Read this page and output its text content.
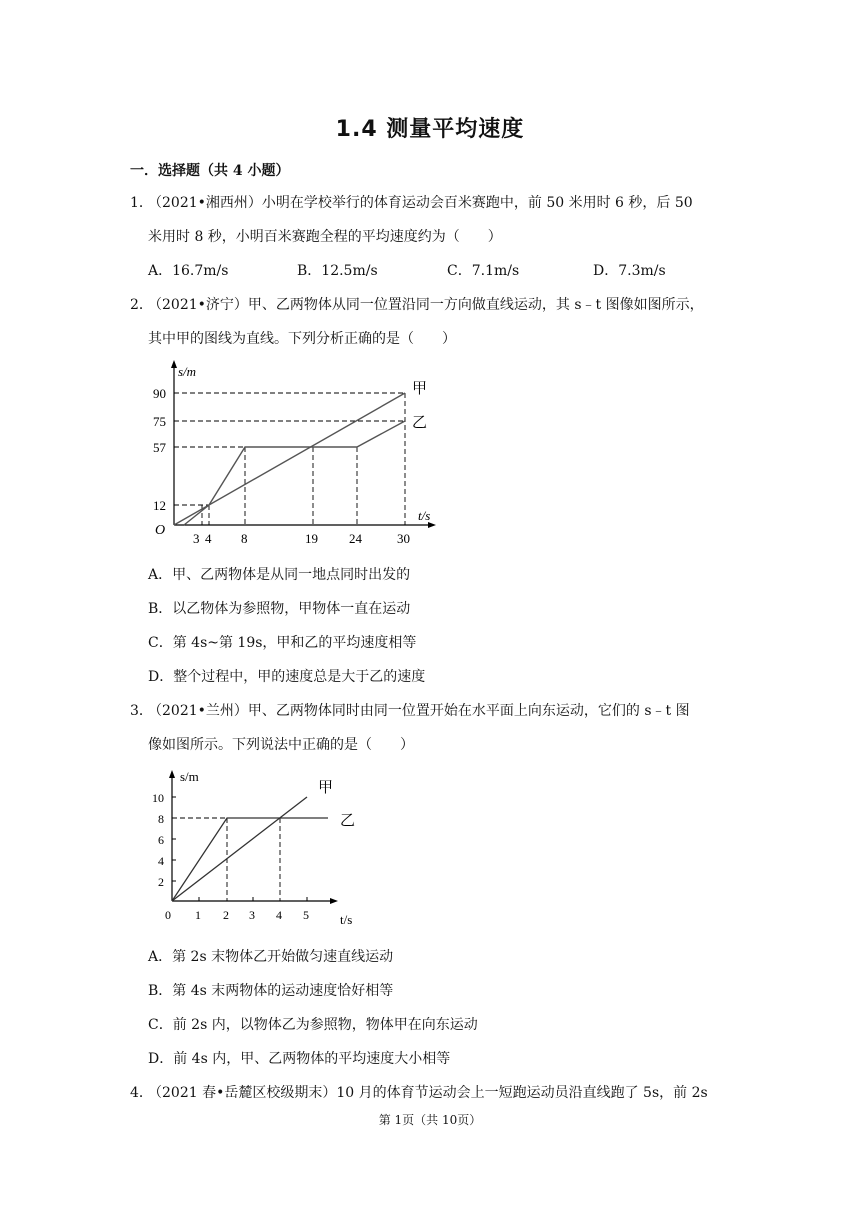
1.4 测量平均速度
一．选择题（共 4 小题）
1．
（2021•湘西州）小明在学校举行的体育运动会百米赛跑中，前 50 米用时 6 秒，后 50
米用时 8 秒，小明百米赛跑全程的平均速度约为（　　）
A．16.7m/s	B．12.5m/s	C．7.1m/s	D．7.3m/s
2．
（2021•济宁）甲、乙两物体从同一位置沿同一方向做直线运动，其 s﹣t 图像如图所示，
其中甲的图线为直线。下列分析正确的是（　　）
s/m
t/s
O
90
75
57
12
3 4 8	19 24	30
甲
乙
A．甲、乙两物体是从同一地点同时出发的
B．以乙物体为参照物，甲物体一直在运动
C．第 4s~第 19s，甲和乙的平均速度相等
D．整个过程中，甲的速度总是大于乙的速度
3．
（2021•兰州）甲、乙两物体同时由同一位置开始在水平面上向东运动，它们的 s﹣t 图
像如图所示。下列说法中正确的是（　　）
s/m
t/s
0
10
8
6
4
2
1 2 3 4 5
甲
乙
A．第 2s 末物体乙开始做匀速直线运动
B．第 4s 末两物体的运动速度恰好相等
C．前 2s 内，以物体乙为参照物，物体甲在向东运动
D．前 4s 内，甲、乙两物体的平均速度大小相等
4．
（2021 春•岳麓区校级期末）10 月的体育节运动会上一短跑运动员沿直线跑了 5s，前 2s
第 1页（共 10页）
